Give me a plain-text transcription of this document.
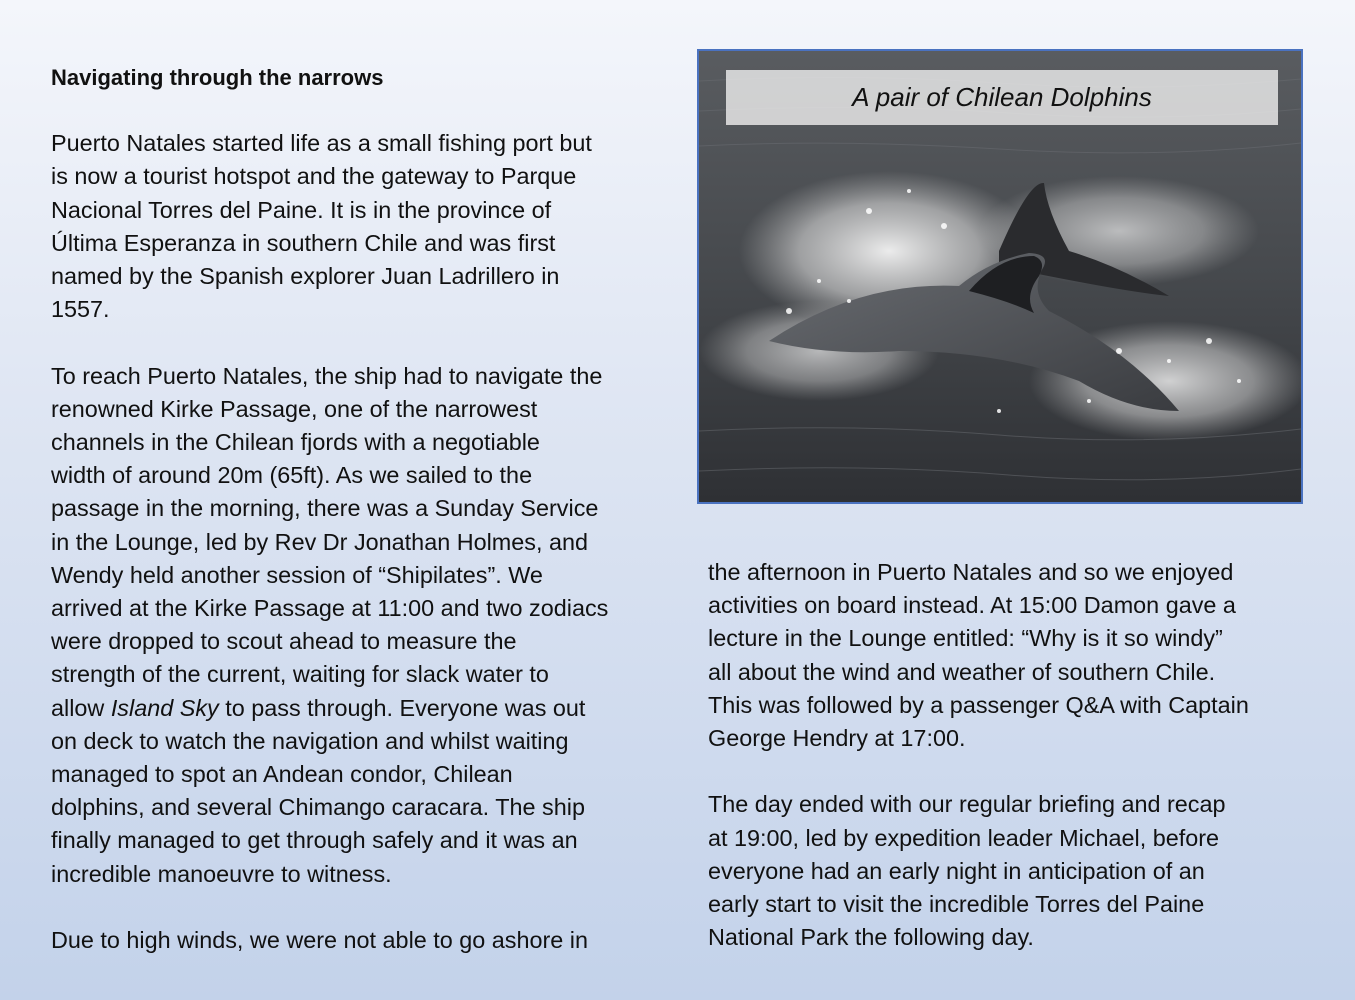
Navigating through the narrows

Puerto Natales started life as a small fishing port but
is now a tourist hotspot and the gateway to Parque
Nacional Torres del Paine. It is in the province of
Última Esperanza in southern Chile and was first
named by the Spanish explorer Juan Ladrillero in
1557.

To reach Puerto Natales, the ship had to navigate the
renowned Kirke Passage, one of the narrowest
channels in the Chilean fjords with a negotiable
width of around 20m (65ft). As we sailed to the
passage in the morning, there was a Sunday Service
in the Lounge, led by Rev Dr Jonathan Holmes, and
Wendy held another session of “Shipilates”. We
arrived at the Kirke Passage at 11:00 and two zodiacs
were dropped to scout ahead to measure the
strength of the current, waiting for slack water to
allow Island Sky to pass through. Everyone was out
on deck to watch the navigation and whilst waiting
managed to spot an Andean condor, Chilean
dolphins, and several Chimango caracara. The ship
finally managed to get through safely and it was an
incredible manoeuvre to witness.

Due to high winds, we were not able to go ashore in

A pair of Chilean Dolphins

the afternoon in Puerto Natales and so we enjoyed
activities on board instead. At 15:00 Damon gave a
lecture in the Lounge entitled: “Why is it so windy”
all about the wind and weather of southern Chile.
This was followed by a passenger Q&A with Captain
George Hendry at 17:00.

The day ended with our regular briefing and recap
at 19:00, led by expedition leader Michael, before
everyone had an early night in anticipation of an
early start to visit the incredible Torres del Paine
National Park the following day.
